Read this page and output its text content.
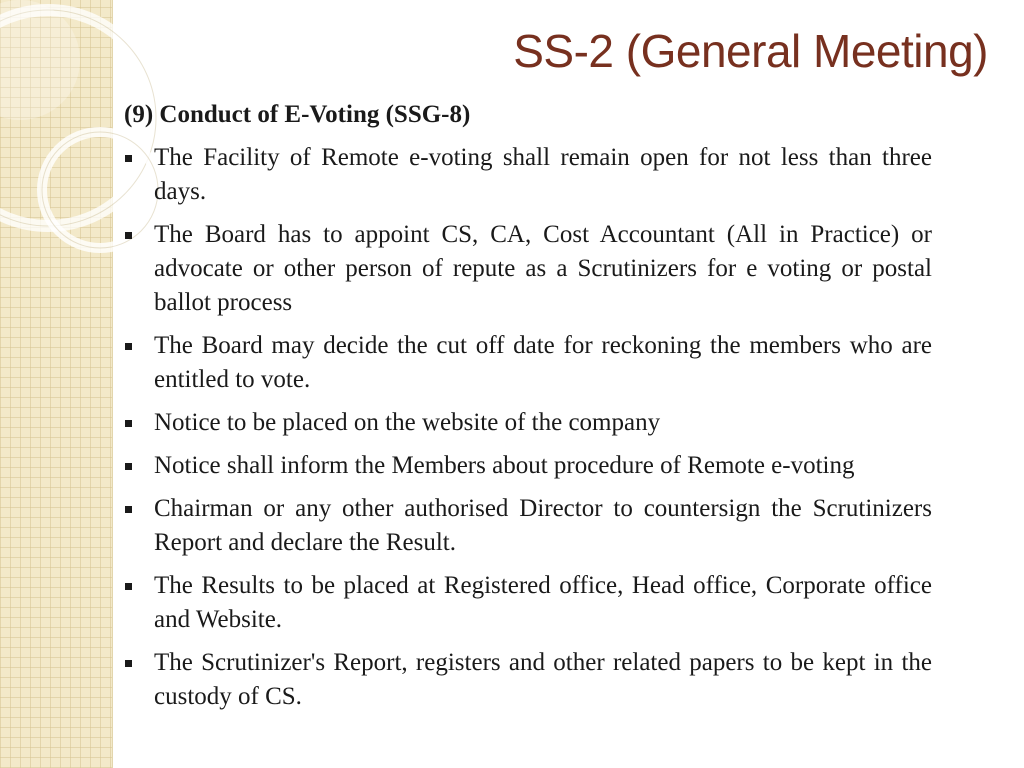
SS-2 (General Meeting)
(9) Conduct of E-Voting (SSG-8)
The Facility of Remote e-voting shall remain open for not less than three days.
The Board has to appoint CS, CA, Cost Accountant (All in Practice) or advocate or other person of repute as a Scrutinizers for e voting or postal ballot process
The Board may decide the cut off date for reckoning the members who are entitled to vote.
Notice to be placed on the website of the company
Notice shall inform the Members about procedure of Remote e-voting
Chairman or any other authorised Director to countersign the Scrutinizers Report and declare the Result.
The Results to be placed at Registered office, Head office, Corporate office and Website.
The Scrutinizer's Report, registers and other related papers to be kept in the custody of CS.
